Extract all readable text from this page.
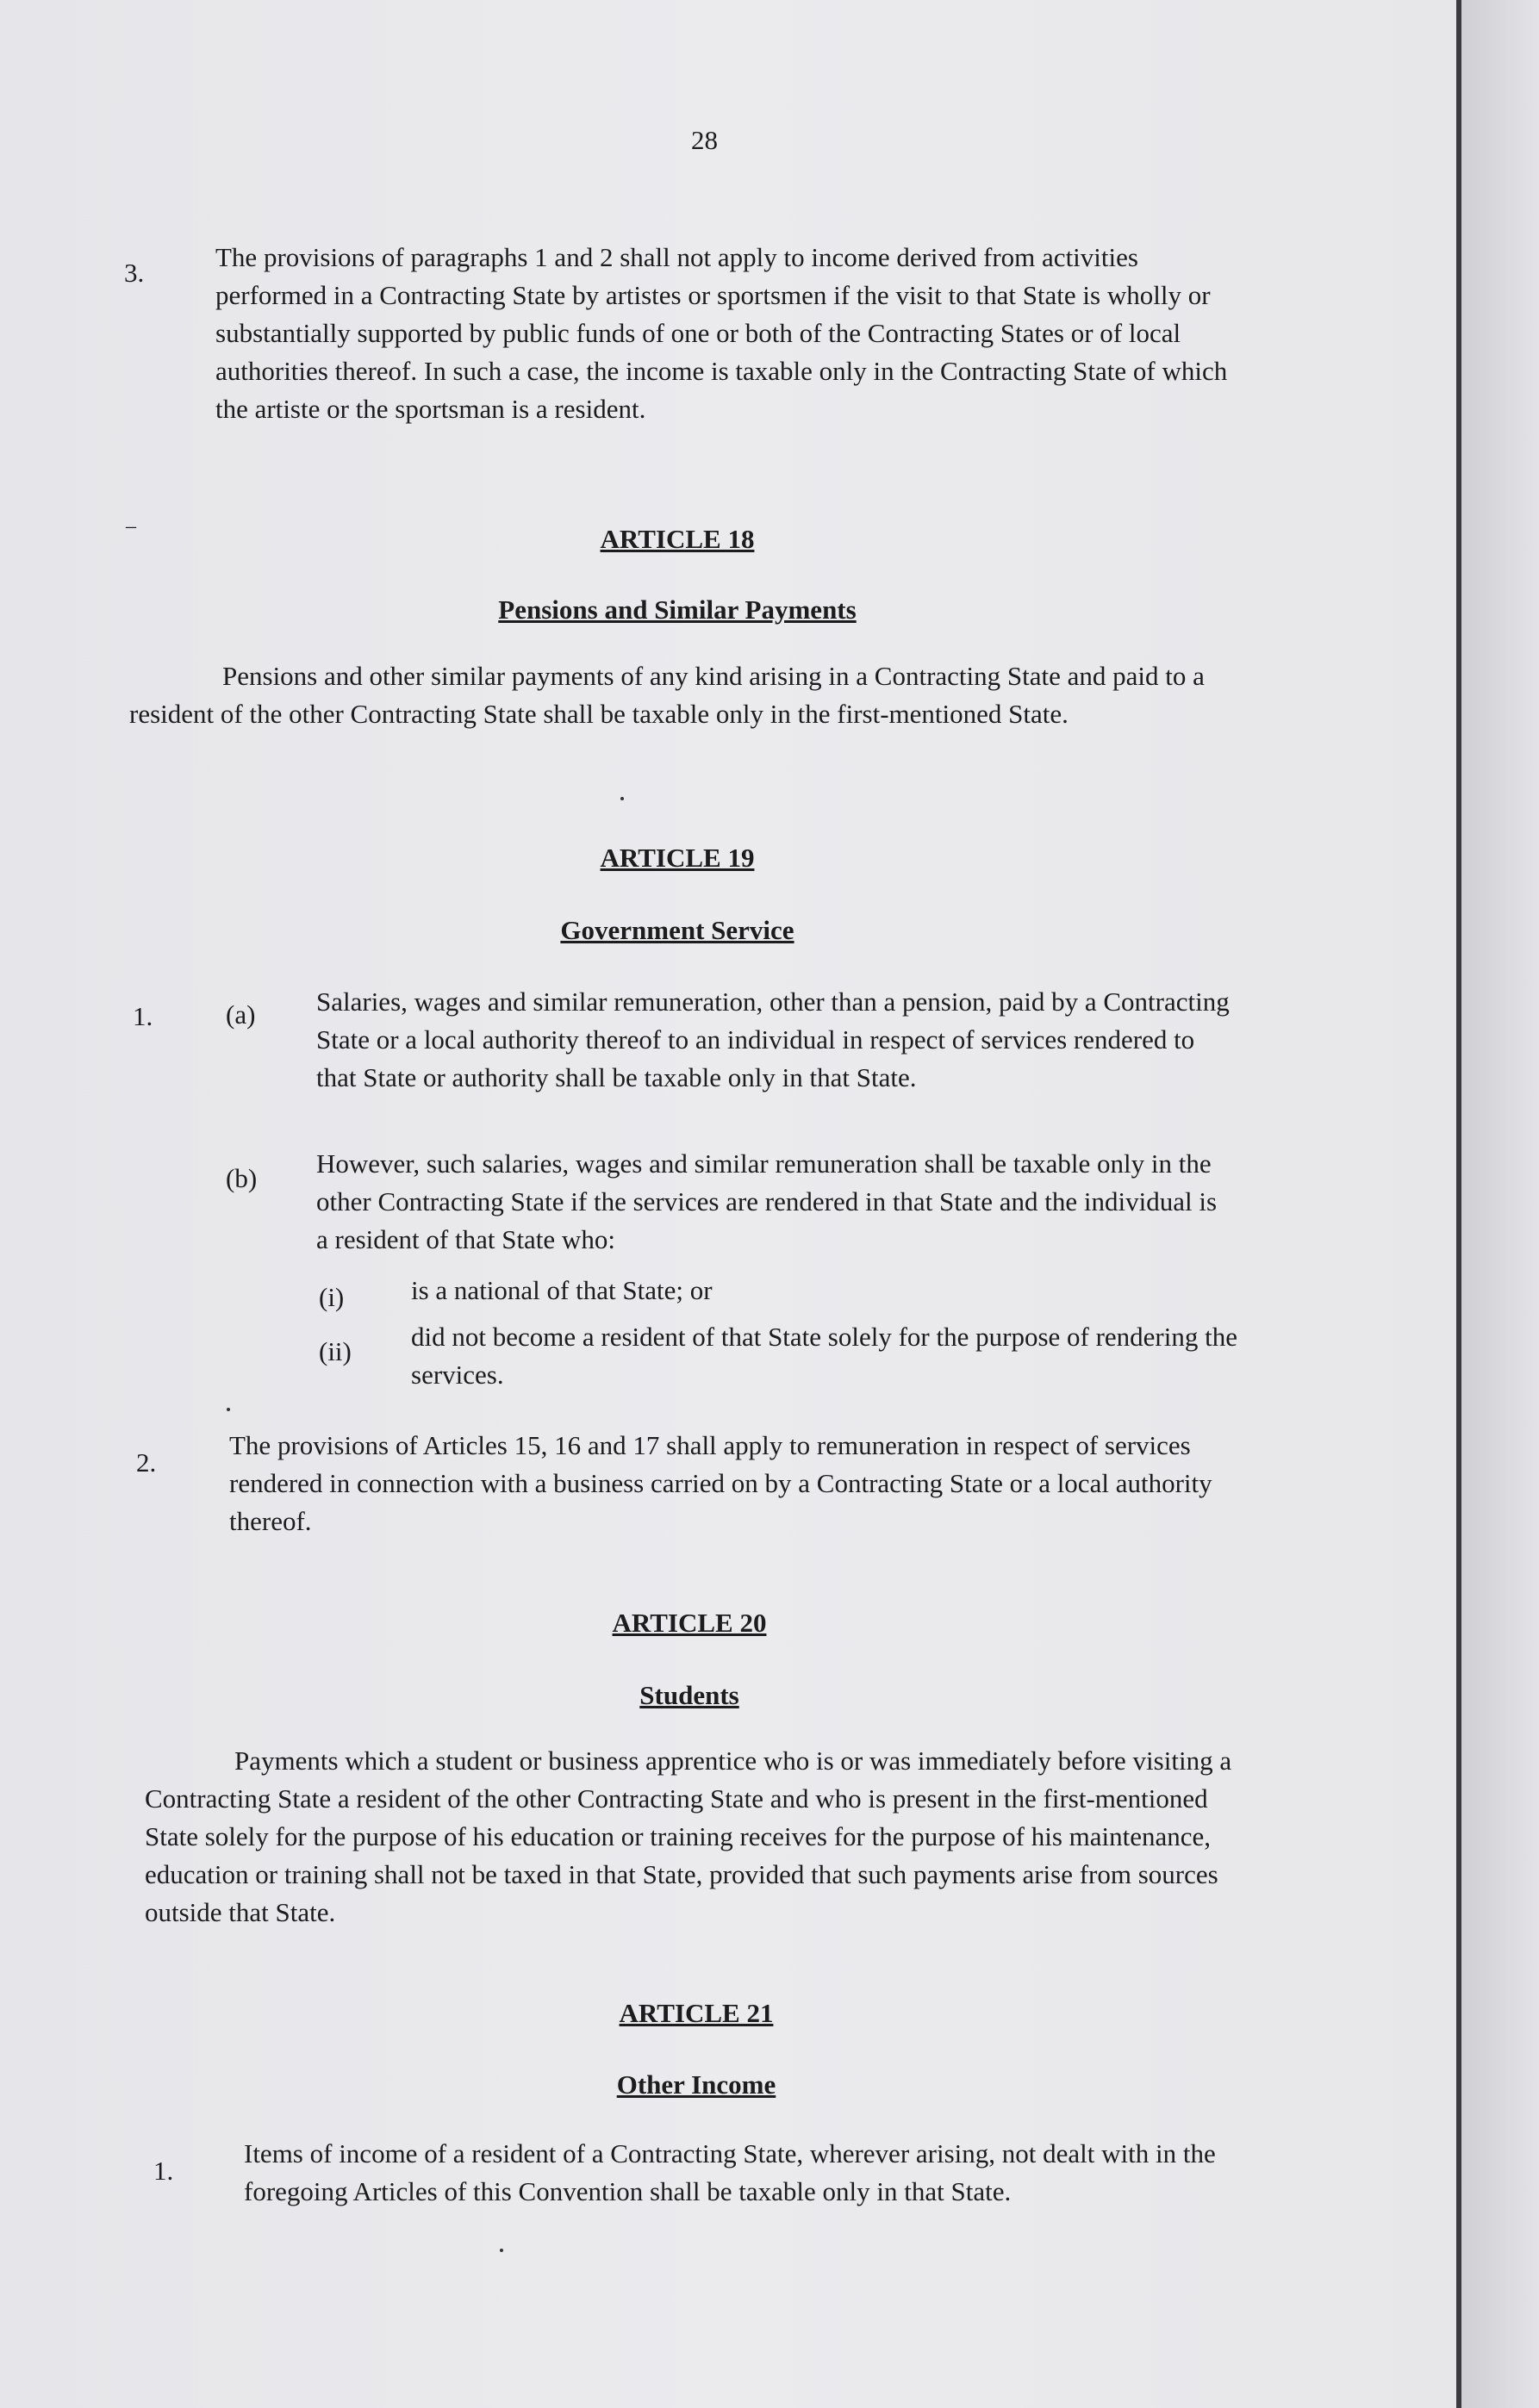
28
3.
The provisions of paragraphs 1 and 2 shall not apply to income derived from activities performed in a Contracting State by artistes or sportsmen if the visit to that State is wholly or substantially supported by public funds of one or both of the Contracting States or of local authorities thereof. In such a case, the income is taxable only in the Contracting State of which the artiste or the sportsman is a resident.
–	ARTICLE 18
Pensions and Similar Payments
Pensions and other similar payments of any kind arising in a Contracting State and paid to a resident of the other Contracting State shall be taxable only in the first-mentioned State.
ARTICLE 19
Government Service
1.	(a) Salaries, wages and similar remuneration, other than a pension, paid by a Contracting State or a local authority thereof to an individual in respect of services rendered to that State or authority shall be taxable only in that State.
(b) However, such salaries, wages and similar remuneration shall be taxable only in the other Contracting State if the services are rendered in that State and the individual is a resident of that State who:
(i)	is a national of that State; or
(ii) did not become a resident of that State solely for the purpose of rendering the services.
2.
The provisions of Articles 15, 16 and 17 shall apply to remuneration in respect of services rendered in connection with a business carried on by a Contracting State or a local authority thereof.
ARTICLE 20
Students
Payments which a student or business apprentice who is or was immediately before visiting a Contracting State a resident of the other Contracting State and who is present in the first-mentioned State solely for the purpose of his education or training receives for the purpose of his maintenance, education or training shall not be taxed in that State, provided that such payments arise from sources outside that State.
ARTICLE 21
Other Income
1.
Items of income of a resident of a Contracting State, wherever arising, not dealt with in the foregoing Articles of this Convention shall be taxable only in that State.
